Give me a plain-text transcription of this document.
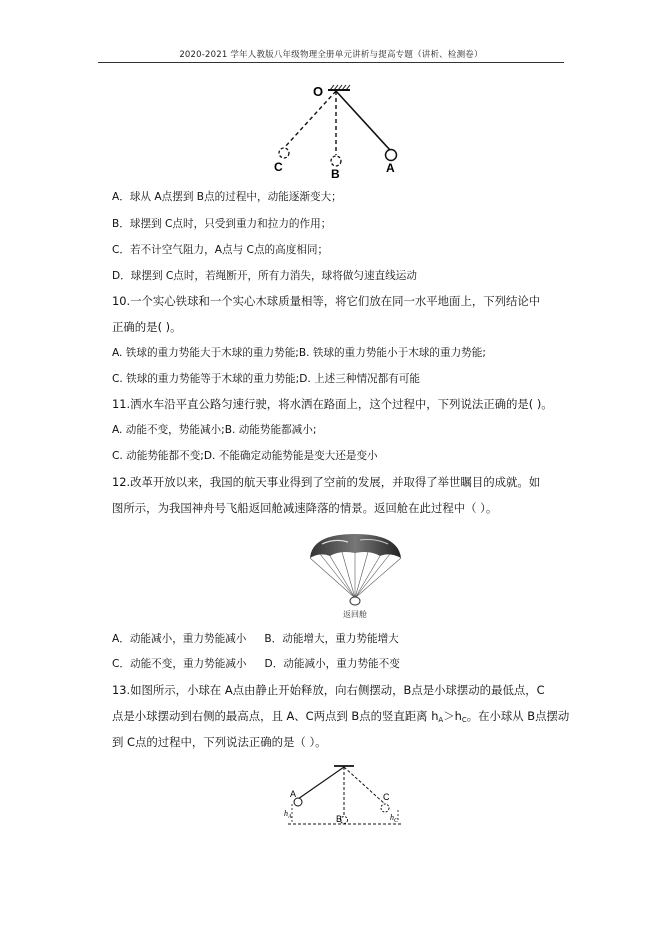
2020-2021 学年人教版八年级物理全册单元讲析与提高专题（讲析、检测卷）
O
C	B	A
A．球从 A点摆到 B点的过程中，动能逐渐变大；
B．球摆到 C点时，只受到重力和拉力的作用；
C．若不计空气阻力，A点与 C点的高度相同；
D．球摆到 C点时，若绳断开，所有力消失，球将做匀速直线运动
10.一个实心铁球和一个实心木球质量相等，将它们放在同一水平地面上，下列结论中
正确的是( )。
A. 铁球的重力势能大于木球的重力势能;B. 铁球的重力势能小于木球的重力势能;
C. 铁球的重力势能等于木球的重力势能;D. 上述三种情况都有可能
11.洒水车沿平直公路匀速行驶，将水洒在路面上，这个过程中，下列说法正确的是( )。
A. 动能不变，势能减小;B. 动能势能都减小;
C. 动能势能都不变;D. 不能确定动能势能是变大还是变小
12.改革开放以来，我国的航天事业得到了空前的发展，并取得了举世瞩目的成就。如
图所示，为我国神舟号飞船返回舱减速降落的情景。返回舱在此过程中（ ）。
返回舱
A．动能减小，重力势能减小 B．动能增大，重力势能增大
C．动能不变，重力势能减小 D．动能减小，重力势能不变
13.如图所示，小球在 A点由静止开始释放，向右侧摆动，B点是小球摆动的最低点，C
点是小球摆动到右侧的最高点，且 A、C两点到 B点的竖直距离 $h_A>h_C$。在小球从 B点摆动
到 C点的过程中，下列说法正确的是（ ）。
A	C
B
$h_A$	$h_C$
